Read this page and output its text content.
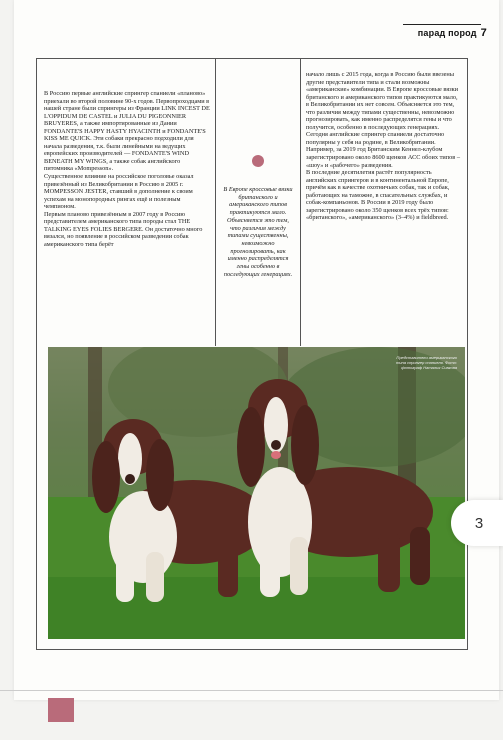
парад пород 7

В Россию первые английские спрингер спаниели «планово» приехали во второй половине 90-х годов. Первопроходцами в нашей стране были спрингеры из Франции LINK INCEST DE L'OPPIDUM DE CASTEL и JULIA DU PIGEONNIER BRUYERES, а также импортированные из Дании FONDANTE'S HAPPY HASTY HYACINTH и FONDANTE'S KISS ME QUICK. Эти собаки прекрасно подходили для начала разведения, т.к. были линейными на ведущих европейских производителей — FONDANTE'S WIND BENEATH MY WINGS, а также собак английского питомника «Mompesson».

Существенное влияние на российское поголовье оказал привезённый из Великобритании в Россию в 2005 г. MOMPESSON JESTER, ставший в дополнение к своим успехам на монопородных рингах ещё и полезным чемпионом.

Первым планово привезённым в 2007 году в Россию представителем американского типа породы стал THE TALKING EYES FOLIES BERGERE. Он достаточно много вязался, но появление в российском разведении собак американского типа берёт

В Европе кроссовые вязки британского и американского типов практикуются мало. Объясняется это тем, что различия между типами существенны, невозможно прогнозировать, как именно распределятся гены особенно в последующих генерациях.

начало лишь с 2015 года, когда в Россию были ввезены другие представители типа и стали возможны «американские» комбинации. В Европе кроссовые вязки британского и американского типов практикуются мало, в Великобритании их нет совсем. Объясняется это тем, что различия между типами существенны, невозможно прогнозировать, как именно распределятся гены и что получится, особенно в последующих генерациях.

Сегодня английские спрингер спаниели достаточно популярны у себя на родине, в Великобритании. Например, за 2019 год Британским Кеннел-клубом зарегистрировано около 8600 щенков АСС обоих типов – «шоу» и «рабочего» разведения.

В последние десятилетия растёт популярность английских спрингеров и в континентальной Европе, причём как в качестве охотничьих собак, так и собак, работающих на таможне, в спасательных службах, и собак-компаньонов. В России в 2019 году было зарегистрировано около 350 щенков всех трёх типов: «британского», «американского» (3–4%) и fieldbreed.

Представители американского типа спрингер спаниеля. Фото: фотограф Наталья Сивкова
3
